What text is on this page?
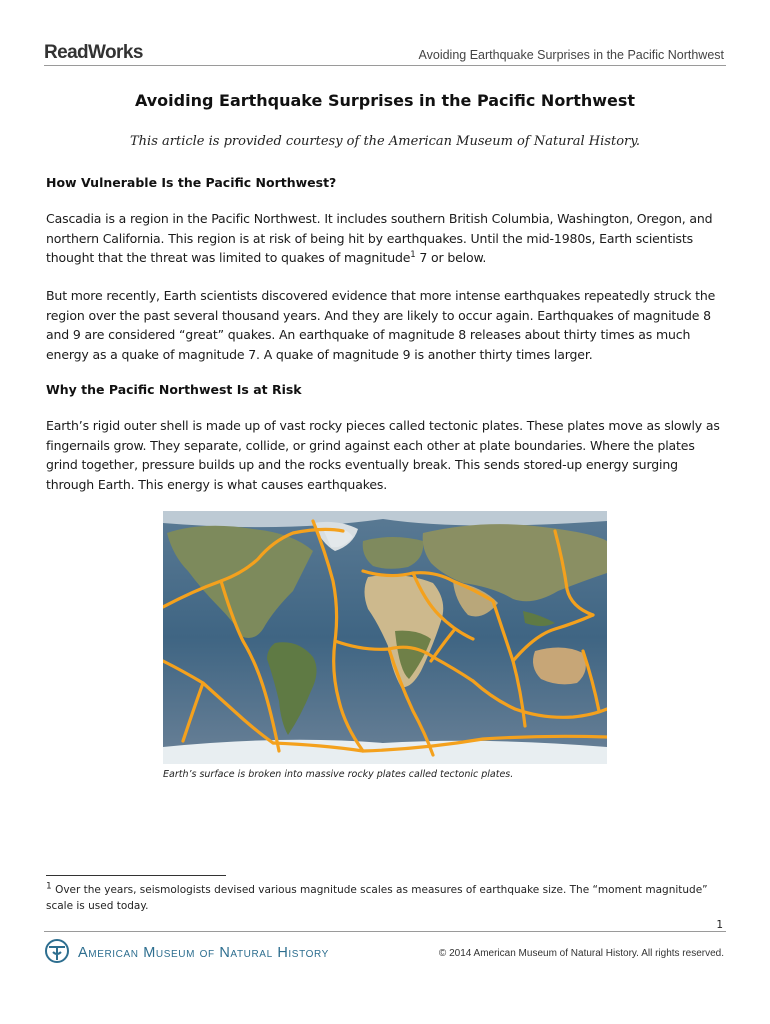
ReadWorks	Avoiding Earthquake Surprises in the Pacific Northwest
Avoiding Earthquake Surprises in the Pacific Northwest
This article is provided courtesy of the American Museum of Natural History.
How Vulnerable Is the Pacific Northwest?
Cascadia is a region in the Pacific Northwest. It includes southern British Columbia, Washington, Oregon, and northern California. This region is at risk of being hit by earthquakes. Until the mid-1980s, Earth scientists thought that the threat was limited to quakes of magnitude$^1$ 7 or below.
But more recently, Earth scientists discovered evidence that more intense earthquakes repeatedly struck the region over the past several thousand years. And they are likely to occur again. Earthquakes of magnitude 8 and 9 are considered “great” quakes. An earthquake of magnitude 8 releases about thirty times as much energy as a quake of magnitude 7. A quake of magnitude 9 is another thirty times larger.
Why the Pacific Northwest Is at Risk
Earth’s rigid outer shell is made up of vast rocky pieces called tectonic plates. These plates move as slowly as fingernails grow. They separate, collide, or grind against each other at plate boundaries. Where the plates grind together, pressure builds up and the rocks eventually break. This sends stored-up energy surging through Earth. This energy is what causes earthquakes.
Earth’s surface is broken into massive rocky plates called tectonic plates.
$^1$ Over the years, seismologists devised various magnitude scales as measures of earthquake size. The “moment magnitude” scale is used today.
1
American Museum of Natural History	© 2014 American Museum of Natural History. All rights reserved.
